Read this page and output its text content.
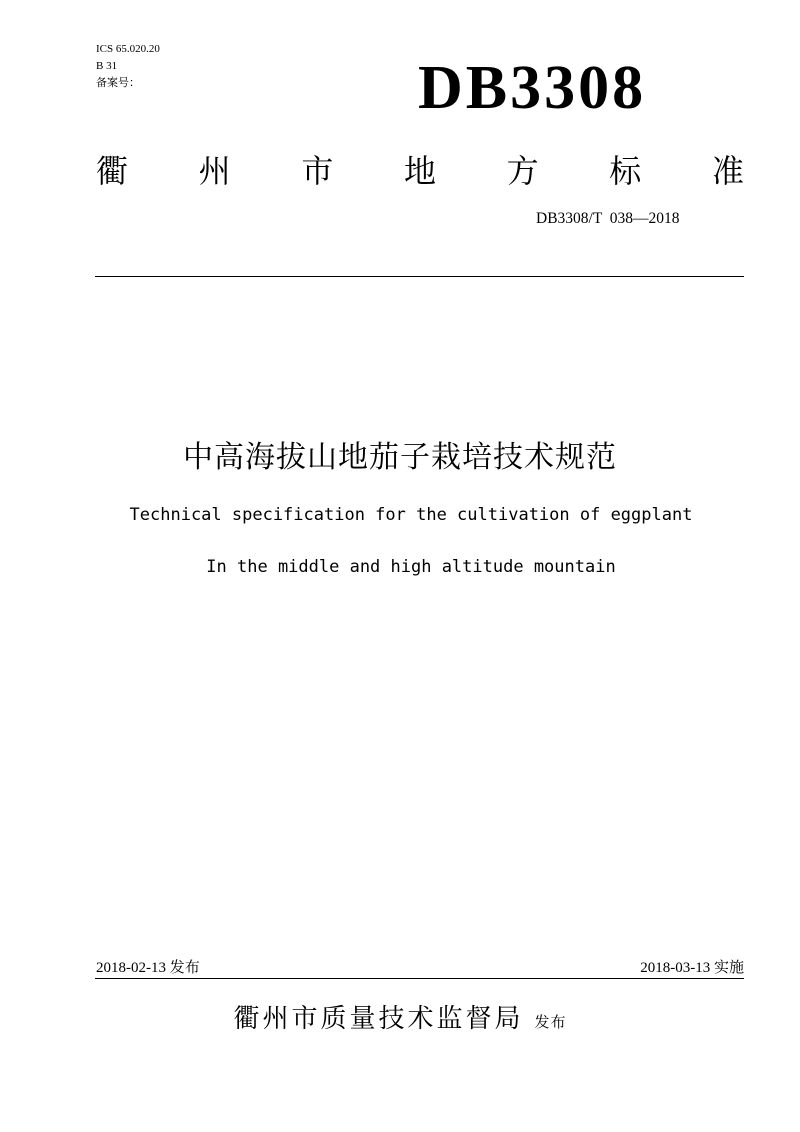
ICS 65.020.20
B 31
备案号：	DB3308
衢 州 市 地 方 标 准
DB3308/T  038—2018
中高海拔山地茄子栽培技术规范
Technical specification for the cultivation of eggplant
In the middle and high altitude mountain
2018-02-13 发布	2018-03-13 实施
衢州市质量技术监督局 发布
